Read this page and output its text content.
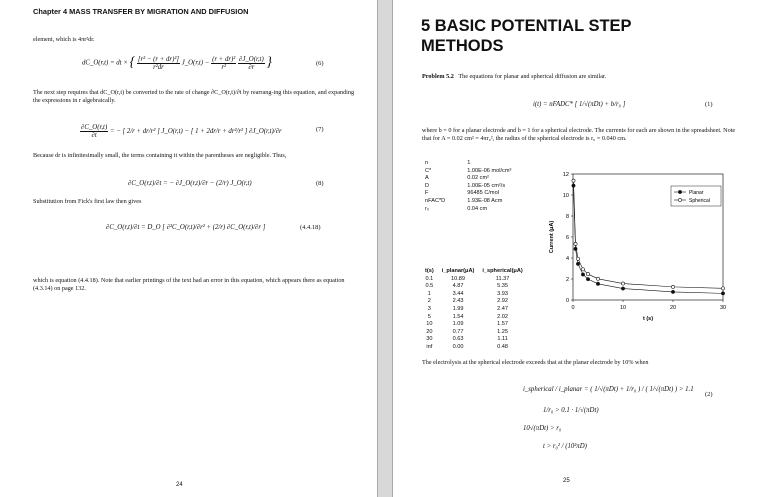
Chapter 4 MASS TRANSFER BY MIGRATION AND DIFFUSION
element, which is 4πr²dr.
dC_O(r,t) = dt × { $\frac{\text{[r² − (r + dr)²]}}{\text{r²dr}}$ J_O(r,t) − $\frac{\text{(r + dr)²}}{\text{r²}}$
$\frac{\partial J\_O(r,t)}{\partial r}$ }	(6)
The next step requires that dC_O(r,t) be converted to the rate of change ∂C_O(r,t)/∂t by rearrang-ing this equation, and expanding the expressions in r algebraically.
$\frac{\partial C\_O(r,t)}{\partial t}$ = − [ 2/r + dr/r² ] J_O(r,t) − [ 1 + 2dr/r + dr²/r² ] ∂J_O(r,t)/∂r	(7)
Because dr is infinitesimally small, the terms containing it within the parentheses are negligible. Thus,
∂C_O(r,t)/∂t = − ∂J_O(r,t)/∂r − (2/r) J_O(r,t)	(8)
Substitution from Fick's first law then gives
∂C_O(r,t)/∂t = D_O [ ∂²C_O(r,t)/∂r² + (2/r) ∂C_O(r,t)/∂r ]	(4.4.18)
which is equation (4.4.18). Note that earlier printings of the text had an error in this equation, which appears there as equation (4.3.14) on page 132.
24
5 BASIC POTENTIAL STEP
METHODS
Problem 5.2 The equations for planar and spherical diffusion are similar.
i(t) = nFADC* [ 1/√(πDt) + b/r₀ ]	(1)
where b = 0 for a planar electrode and b = 1 for a spherical electrode. The currents for each are shown in the spreadsheet. Note that for A = 0.02 cm² = 4πr₀², the radius of the spherical electrode is r₀ = 0.040 cm.
n	1
C*	1.00E-06 mol/cm³
A	0.02 cm²
D	1.00E-05 cm²/s
F	96485 C/mol
nFAC*D	1.93E-08 Acm
r₀	0.04 cm
t(s)	i_planar(μA)	i_spherical(μA)
0.1	10.89	11.37
0.5	4.87	5.35
1	3.44	3.93
2	2.43	2.92
3	1.99	2.47
5	1.54	2.02
10	1.09	1.57
20	0.77	1.25
30	0.63	1.11
inf	0.00	0.48
0
2
4
6
8
10
12
0	10	20	30
t (s)
Current (μA)
Planar
Spherical
The electrolysis at the spherical electrode exceeds that at the planar electrode by 10% when
i_spherical / i_planar = ( 1/√(πDt) + 1/r₀ ) / ( 1/√(πDt) ) > 1.1
(2)
1/r₀ > 0.1 · 1/√(πDt)
10√(πDt) > r₀
t > r₀² / (10²πD)
25
